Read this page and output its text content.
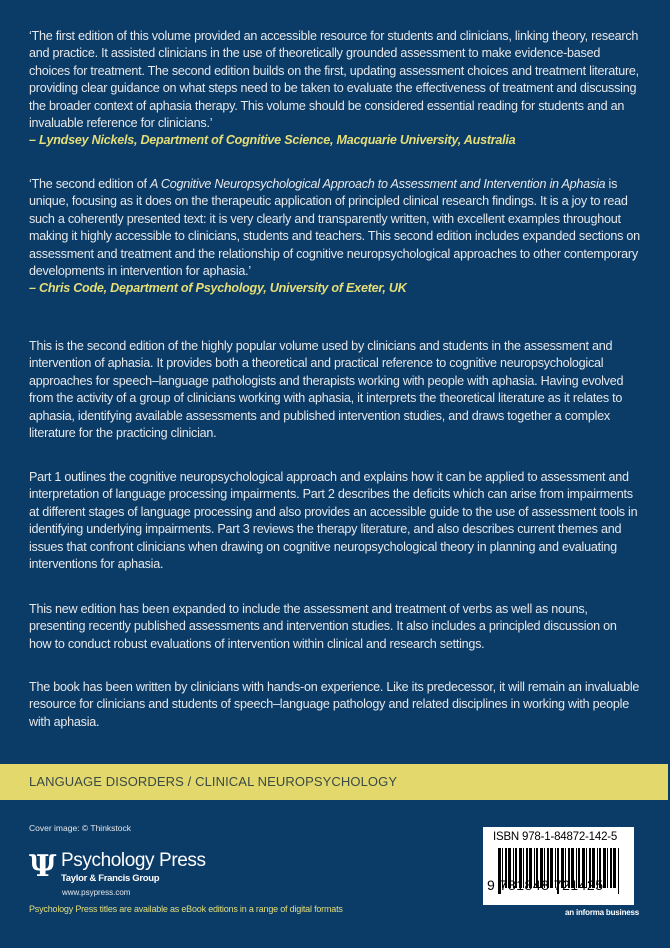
‘The first edition of this volume provided an accessible resource for students and clinicians, linking theory, research and practice. It assisted clinicians in the use of theoretically grounded assessment to make evidence-based choices for treatment. The second edition builds on the first, updating assessment choices and treatment literature, providing clear guidance on what steps need to be taken to evaluate the effectiveness of treatment and discussing the broader context of aphasia therapy. This volume should be considered essential reading for students and an invaluable reference for clinicians.’
– Lyndsey Nickels, Department of Cognitive Science, Macquarie University, Australia

‘The second edition of A Cognitive Neuropsychological Approach to Assessment and Intervention in Aphasia is unique, focusing as it does on the therapeutic application of principled clinical research findings. It is a joy to read such a coherently presented text: it is very clearly and transparently written, with excellent examples throughout making it highly accessible to clinicians, students and teachers. This second edition includes expanded sections on assessment and treatment and the relationship of cognitive neuropsychological approaches to other contemporary developments in intervention for aphasia.’
– Chris Code, Department of Psychology, University of Exeter, UK

This is the second edition of the highly popular volume used by clinicians and students in the assessment and intervention of aphasia. It provides both a theoretical and practical reference to cognitive neuropsychological approaches for speech–language pathologists and therapists working with people with aphasia. Having evolved from the activity of a group of clinicians working with aphasia, it interprets the theoretical literature as it relates to aphasia, identifying available assessments and published intervention studies, and draws together a complex literature for the practicing clinician.

Part 1 outlines the cognitive neuropsychological approach and explains how it can be applied to assessment and interpretation of language processing impairments. Part 2 describes the deficits which can arise from impairments at different stages of language processing and also provides an accessible guide to the use of assessment tools in identifying underlying impairments. Part 3 reviews the therapy literature, and also describes current themes and issues that confront clinicians when drawing on cognitive neuropsychological theory in planning and evaluating interventions for aphasia.

This new edition has been expanded to include the assessment and treatment of verbs as well as nouns, presenting recently published assessments and intervention studies. It also includes a principled discussion on how to conduct robust evaluations of intervention within clinical and research settings.

The book has been written by clinicians with hands-on experience. Like its predecessor, it will remain an invaluable resource for clinicians and students of speech–language pathology and related disciplines in working with people with aphasia.

LANGUAGE DISORDERS / CLINICAL NEUROPSYCHOLOGY
Cover image: © Thinkstock
Ψ Psychology Press
Taylor & Francis Group
www.psypress.com
Psychology Press titles are available as eBook editions in a range of digital formats
ISBN 978-1-84872-142-5
9 781848 721425
an informa business
